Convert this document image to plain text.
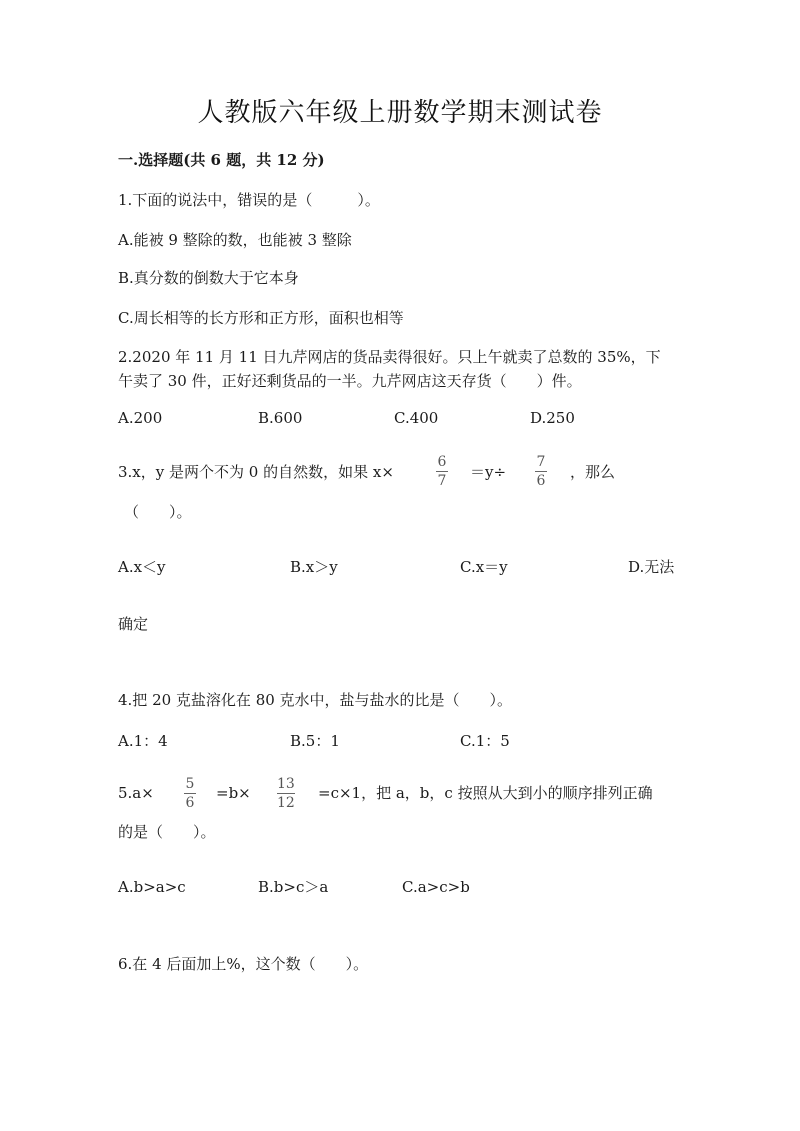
人教版六年级上册数学期末测试卷
一.选择题(共 6 题，共 12 分)
1.下面的说法中，错误的是（　　　）。
A.能被 9 整除的数，也能被 3 整除
B.真分数的倒数大于它本身
C.周长相等的长方形和正方形，面积也相等
2.2020 年 11 月 11 日九芹网店的货品卖得很好。只上午就卖了总数的 35%，下
午卖了 30 件，正好还剩货品的一半。九芹网店这天存货（　　）件。
A.200	B.600	C.400	D.250
3.x，y 是两个不为 0 的自然数，如果 x×
6
7 ＝y÷
7
6 ，那么
（　　）。
A.x＜y	B.x＞y	C.x＝y	D.无法
确定
4.把 20 克盐溶化在 80 克水中，盐与盐水的比是（　　）。
A.1：4	B.5：1	C.1：5
5.a× 5
6
=b× 13
12
=c×1，把 a，b，c 按照从大到小的顺序排列正确
的是（　　）。
A.b>a>c	B.b>c＞a	C.a>c>b
6.在 4 后面加上%，这个数（　　）。
